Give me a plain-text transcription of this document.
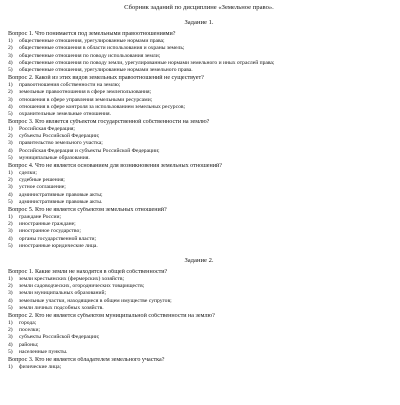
Сборник заданий по дисциплине «Земельное право».
Задание 1.
Вопрос 1. Что понимается под земельными правоотношениями?
1)	общественные отношения, урегулированные нормами права;
2)	общественные отношения в области использования и охраны земель;
3)	общественные отношения по поводу использования земли;
4)	общественные отношения по поводу земли, урегулированные нормами земельного и иных отраслей права;
5)	общественные отношения, урегулированные нормами земельного права.
Вопрос 2. Какой из этих видов земельных правоотношений не существует?
1)	правоотношения собственности на землю;
2)	земельные правоотношения в сфере землепользования;
3)	отношения в сфере управления земельными ресурсами;
4)	отношения в сфере контроля за использованием земельных ресурсов;
5)	охранительные земельные отношения.
Вопрос 3. Кто является субъектом государственной собственности на землю?
1)	Российская Федерация;
2)	субъекты Российской Федерации;
3)	правительство земельного участка;
4)	Российская Федерация и субъекты Российской Федерации;
5)	муниципальные образования.
Вопрос 4. Что не является основанием для возникновения земельных отношений?
1)	сделки;
2)	судебные решения;
3)	устное соглашение;
4)	административные правовые акты;
5)	административные правовые акты.
Вопрос 5. Кто не является субъектом земельных отношений?
1)	граждане России;
2)	иностранные граждане;
3)	иностранное государство;
4)	органы государственной власти;
5)	иностранные юридические лица.
Задание 2.
Вопрос 1. Какие земли не находятся в общей собственности?
1)	земли крестьянских (фермерских) хозяйств;
2)	земли садоводческих, огороднических товариществ;
3)	земли муниципальных образований;
4)	земельные участки, находящиеся в общем имуществе супругов;
5)	земли личных подсобных хозяйств.
Вопрос 2. Кто не является субъектом муниципальной собственности на землю?
1)	города;
2)	поселки;
3)	субъекты Российской Федерации;
4)	районы;
5)	населенные пункты.
Вопрос 3. Кто не является обладателем земельного участка?
1)	физические лица;
